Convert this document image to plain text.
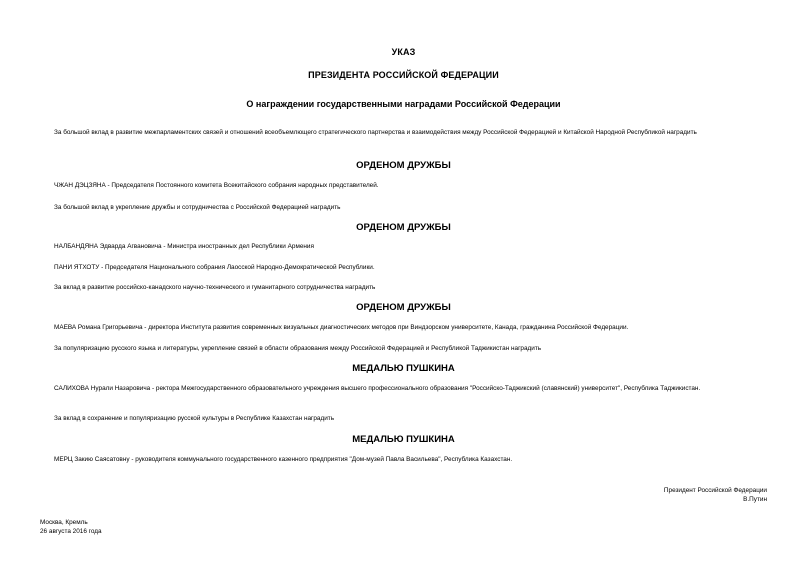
УКАЗ
ПРЕЗИДЕНТА РОССИЙСКОЙ ФЕДЕРАЦИИ
О награждении государственными наградами Российской Федерации
За большой вклад в развитие межпарламентских связей и отношений всеобъемлющего стратегического партнерства и взаимодействия между Российской Федерацией и Китайской Народной Республикой наградить
ОРДЕНОМ ДРУЖБЫ
ЧЖАН ДЭЦЗЯНА - Председателя Постоянного комитета Всекитайского собрания народных представителей.
За большой вклад в укрепление дружбы и сотрудничества с Российской Федерацией наградить
ОРДЕНОМ ДРУЖБЫ
НАЛБАНДЯНА Эдварда Агвановича - Министра иностранных дел Республики Армения
ПАНИ ЯТХОТУ - Председателя Национального собрания Лаосской Народно-Демократической Республики.
За вклад в развитие российско-канадского научно-технического и гуманитарного сотрудничества наградить
ОРДЕНОМ ДРУЖБЫ
МАЕВА Романа Григорьевича - директора Института развития современных визуальных диагностических методов при Виндзорском университете, Канада, гражданина Российской Федерации.
За популяризацию русского языка и литературы, укрепление связей в области образования между Российской Федерацией и Республикой Таджикистан наградить
МЕДАЛЬЮ ПУШКИНА
САЛИХОВА Нурали Назаровича - ректора Межгосударственного образовательного учреждения высшего профессионального образования "Российско-Таджикский (славянский) университет", Республика Таджикистан.
За вклад в сохранение и популяризацию русской культуры в Республике Казахстан наградить
МЕДАЛЬЮ ПУШКИНА
МЕРЦ Закию Саясатовну - руководителя коммунального государственного казенного предприятия "Дом-музей Павла Васильева", Республика Казахстан.
Президент Российской Федерации
В.Путин
Москва, Кремль
26 августа 2016 года
